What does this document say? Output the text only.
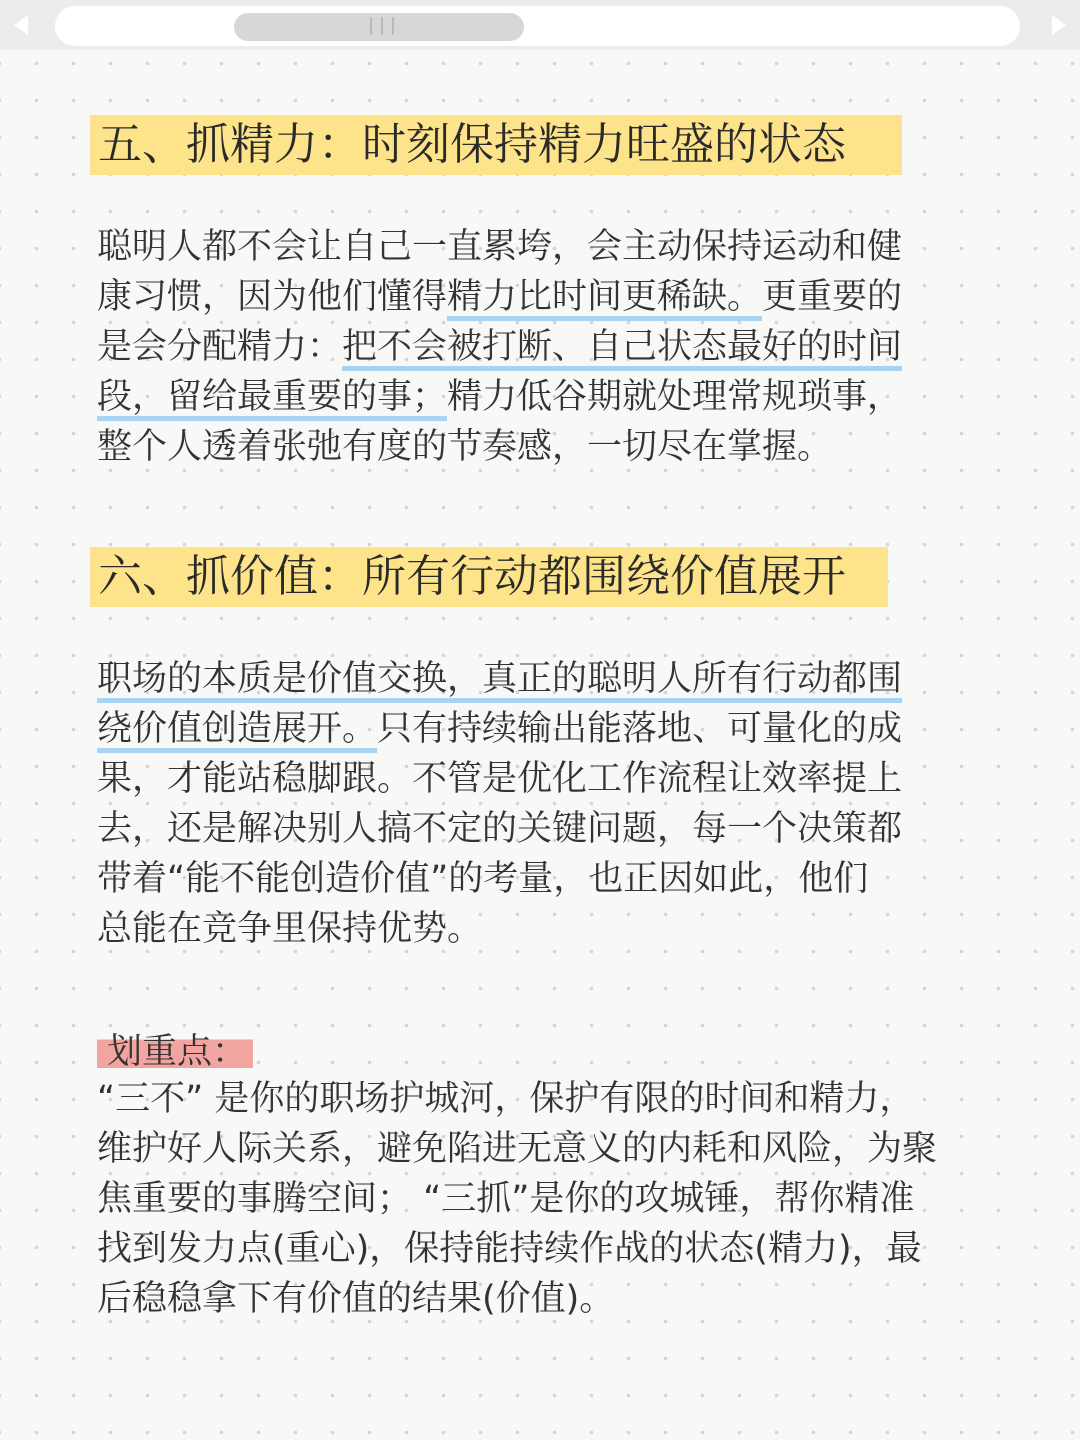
五、抓精力：时刻保持精力旺盛的状态
聪明人都不会让自己一直累垮，会主动保持运动和健
康习惯，因为他们懂得精力比时间更稀缺。更重要的
是会分配精力：把不会被打断、自己状态最好的时间
段，留给最重要的事；精力低谷期就处理常规琐事，
整个人透着张弛有度的节奏感，一切尽在掌握。
六、抓价值：所有行动都围绕价值展开
职场的本质是价值交换，真正的聪明人所有行动都围
绕价值创造展开。只有持续输出能落地、可量化的成
果，才能站稳脚跟。不管是优化工作流程让效率提上
去，还是解决别人搞不定的关键问题，每一个决策都
带着“能不能创造价值”的考量，也正因如此，他们
总能在竞争里保持优势。
划重点：
“三不” 是你的职场护城河，保护有限的时间和精力，
维护好人际关系，避免陷进无意义的内耗和风险，为聚
焦重要的事腾空间； “三抓”是你的攻城锤，帮你精准
找到发力点(重心)，保持能持续作战的状态(精力)，最
后稳稳拿下有价值的结果(价值)。
